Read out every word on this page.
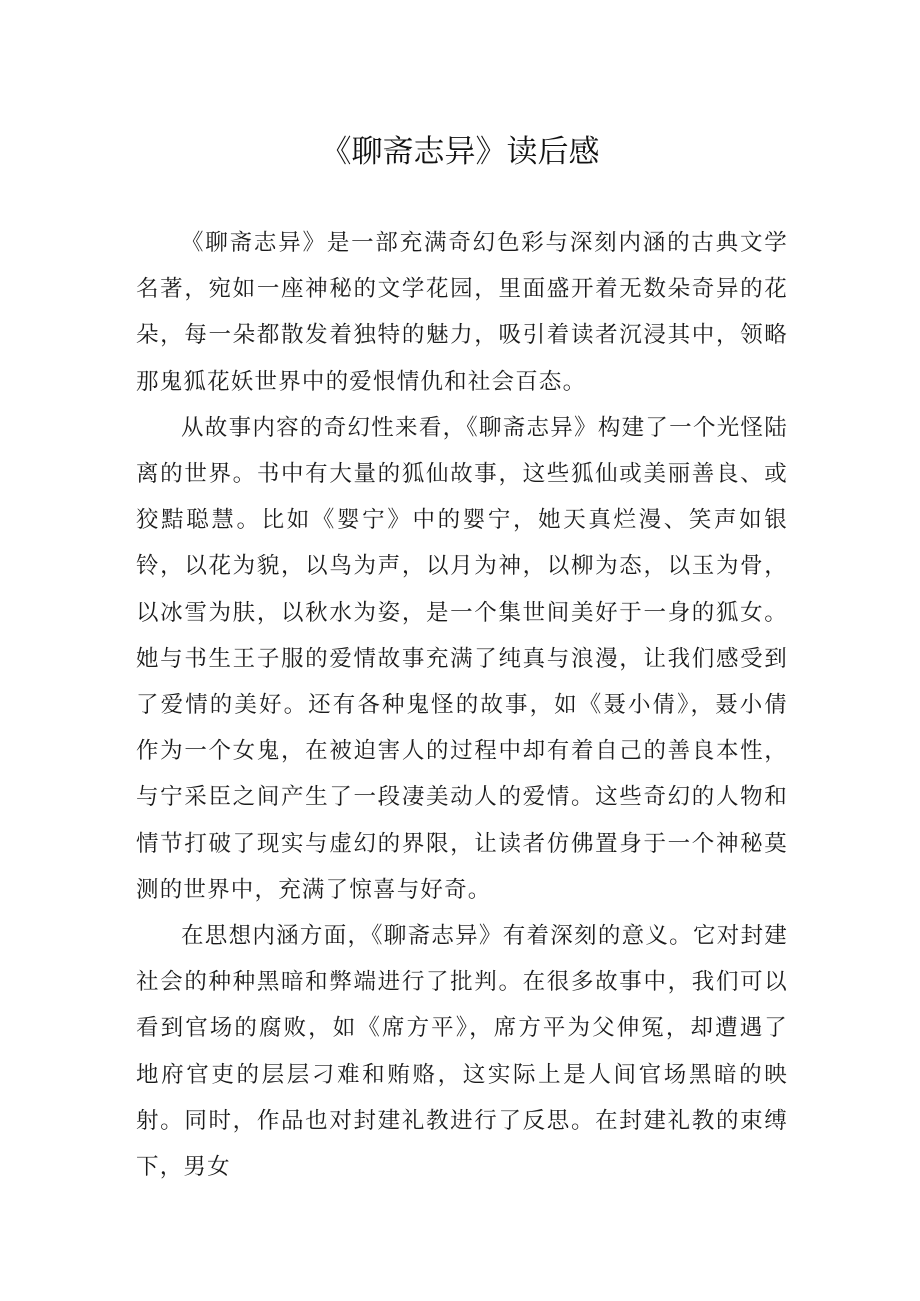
《聊斋志异》读后感

《聊斋志异》是一部充满奇幻色彩与深刻内涵的古典文学名著，宛如一座神秘的文学花园，里面盛开着无数朵奇异的花朵，每一朵都散发着独特的魅力，吸引着读者沉浸其中，领略那鬼狐花妖世界中的爱恨情仇和社会百态。

从故事内容的奇幻性来看，《聊斋志异》构建了一个光怪陆离的世界。书中有大量的狐仙故事，这些狐仙或美丽善良、或狡黠聪慧。比如《婴宁》中的婴宁，她天真烂漫、笑声如银铃，以花为貌，以鸟为声，以月为神，以柳为态，以玉为骨，以冰雪为肤，以秋水为姿，是一个集世间美好于一身的狐女。她与书生王子服的爱情故事充满了纯真与浪漫，让我们感受到了爱情的美好。还有各种鬼怪的故事，如《聂小倩》，聂小倩作为一个女鬼，在被迫害人的过程中却有着自己的善良本性，与宁采臣之间产生了一段凄美动人的爱情。这些奇幻的人物和情节打破了现实与虚幻的界限，让读者仿佛置身于一个神秘莫测的世界中，充满了惊喜与好奇。

在思想内涵方面，《聊斋志异》有着深刻的意义。它对封建社会的种种黑暗和弊端进行了批判。在很多故事中，我们可以看到官场的腐败，如《席方平》，席方平为父伸冤，却遭遇了地府官吏的层层刁难和贿赂，这实际上是人间官场黑暗的映射。同时，作品也对封建礼教进行了反思。在封建礼教的束缚下，男女
